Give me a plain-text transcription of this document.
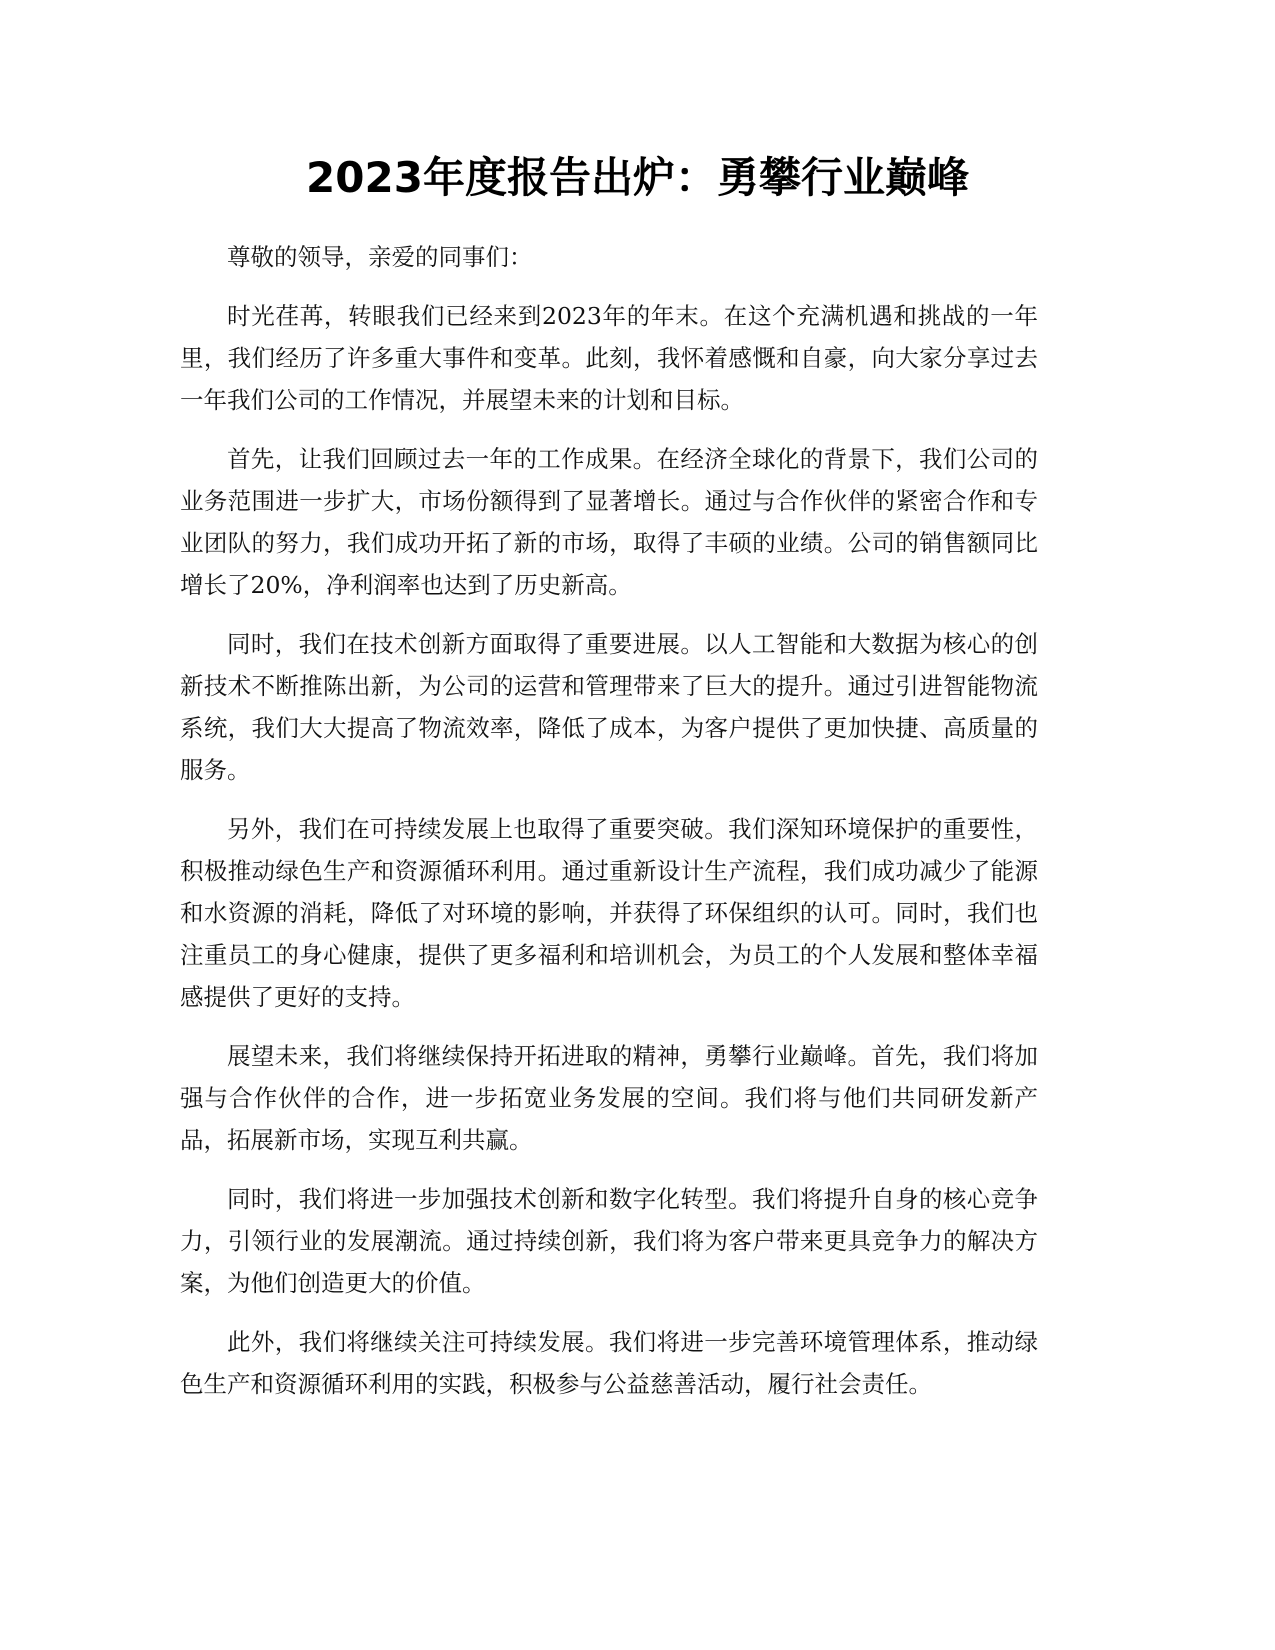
2023年度报告出炉：勇攀行业巅峰

尊敬的领导，亲爱的同事们：

时光荏苒，转眼我们已经来到2023年的年末。在这个充满机遇和挑战的一年里，我们经历了许多重大事件和变革。此刻，我怀着感慨和自豪，向大家分享过去一年我们公司的工作情况，并展望未来的计划和目标。

首先，让我们回顾过去一年的工作成果。在经济全球化的背景下，我们公司的业务范围进一步扩大，市场份额得到了显著增长。通过与合作伙伴的紧密合作和专业团队的努力，我们成功开拓了新的市场，取得了丰硕的业绩。公司的销售额同比增长了20%，净利润率也达到了历史新高。

同时，我们在技术创新方面取得了重要进展。以人工智能和大数据为核心的创新技术不断推陈出新，为公司的运营和管理带来了巨大的提升。通过引进智能物流系统，我们大大提高了物流效率，降低了成本，为客户提供了更加快捷、高质量的服务。

另外，我们在可持续发展上也取得了重要突破。我们深知环境保护的重要性，积极推动绿色生产和资源循环利用。通过重新设计生产流程，我们成功减少了能源和水资源的消耗，降低了对环境的影响，并获得了环保组织的认可。同时，我们也注重员工的身心健康，提供了更多福利和培训机会，为员工的个人发展和整体幸福感提供了更好的支持。

展望未来，我们将继续保持开拓进取的精神，勇攀行业巅峰。首先，我们将加强与合作伙伴的合作，进一步拓宽业务发展的空间。我们将与他们共同研发新产品，拓展新市场，实现互利共赢。

同时，我们将进一步加强技术创新和数字化转型。我们将提升自身的核心竞争力，引领行业的发展潮流。通过持续创新，我们将为客户带来更具竞争力的解决方案，为他们创造更大的价值。

此外，我们将继续关注可持续发展。我们将进一步完善环境管理体系，推动绿色生产和资源循环利用的实践，积极参与公益慈善活动，履行社会责任。
